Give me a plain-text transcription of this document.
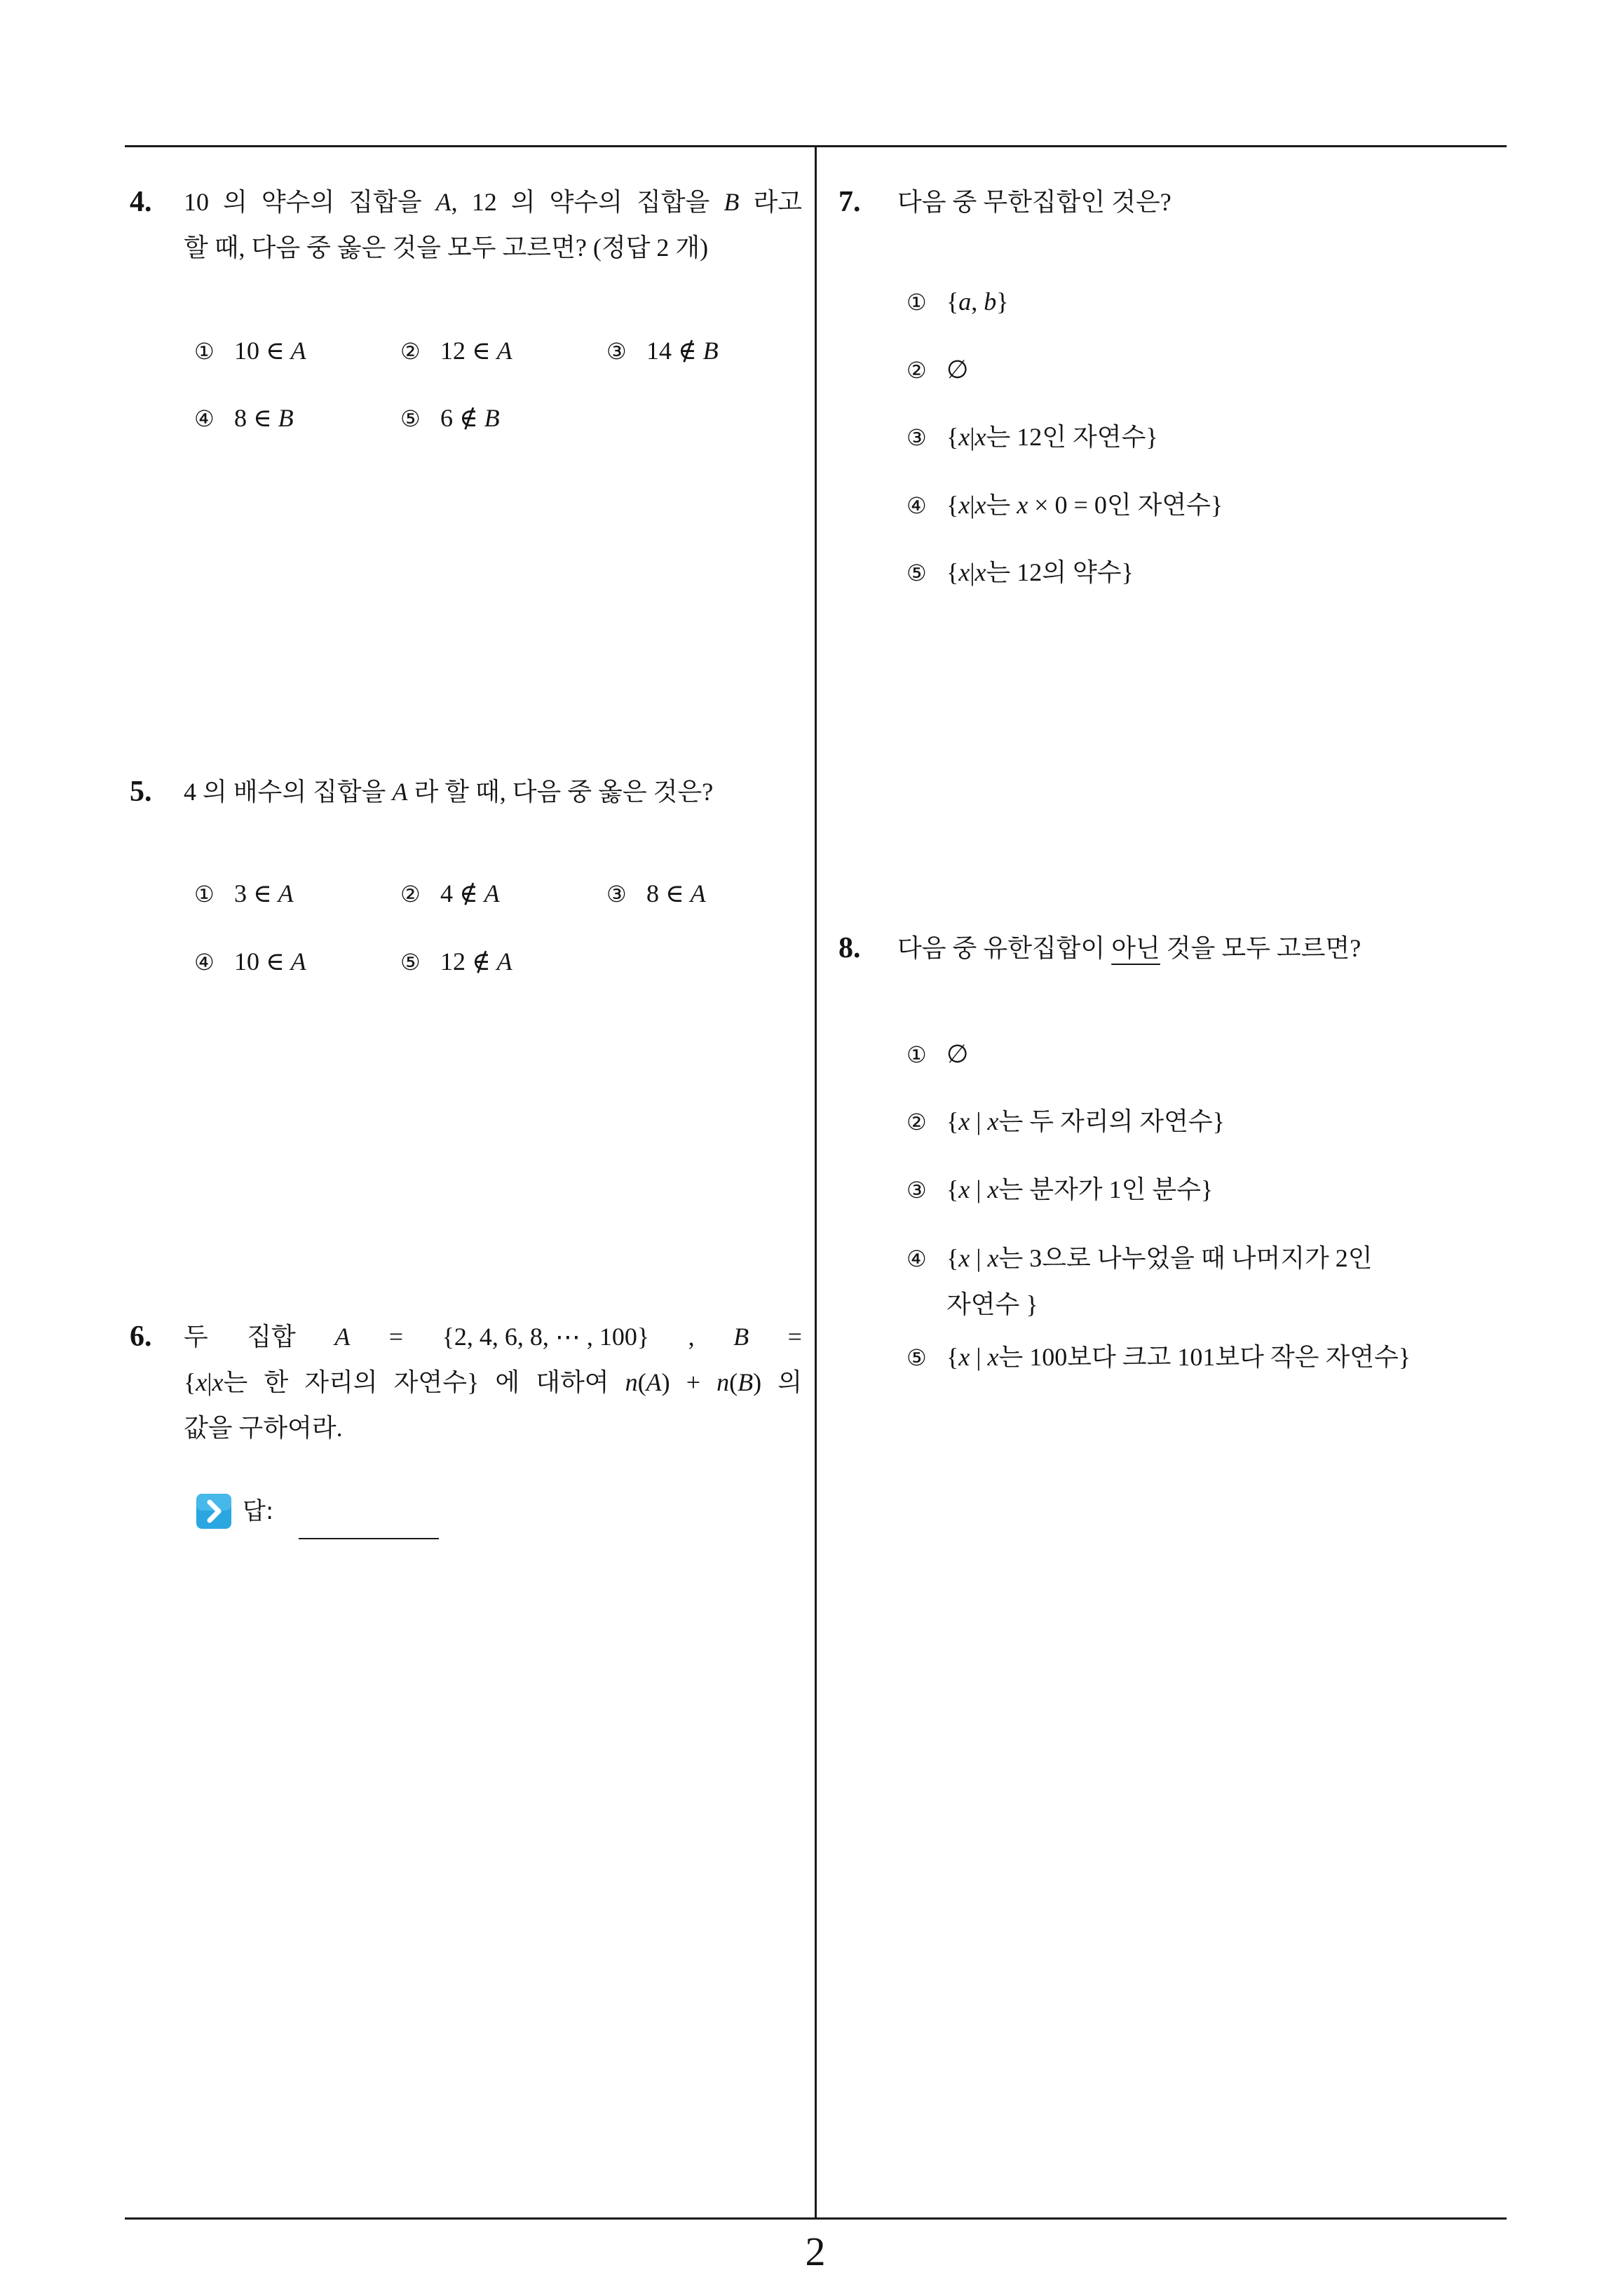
4. 10 의 약수의 집합을 A, 12 의 약수의 집합을 B 라고
할 때, 다음 중 옳은 것을 모두 고르면? (정답 2 개)
① 10 ∈ A	② 12 ∈ A	③ 14 ∉ B
④ 8 ∈ B	⑤ 6 ∉ B
5. 4 의 배수의 집합을 A 라 할 때, 다음 중 옳은 것은?
① 3 ∈ A	② 4 ∉ A	③ 8 ∈ A
④ 10 ∈ A	⑤ 12 ∉ A
6. 두 집합 A = {2, 4, 6, 8, ⋯ , 100} , B =
{x|x는 한 자리의 자연수} 에 대하여 n(A) + n(B) 의
값을 구하여라.
답:
7. 다음 중 무한집합인 것은?
① {a, b}
② ∅
③ {x|x는 12인 자연수}
④ {x|x는 x × 0 = 0인 자연수}
⑤ {x|x는 12의 약수}
8. 다음 중 유한집합이 아닌 것을 모두 고르면?
① ∅
② {x | x는 두 자리의 자연수}
③ {x | x는 분자가 1인 분수}
④ {x | x는 3으로 나누었을 때 나머지가 2인
자연수 }
⑤ {x | x는 100보다 크고 101보다 작은 자연수}
2
